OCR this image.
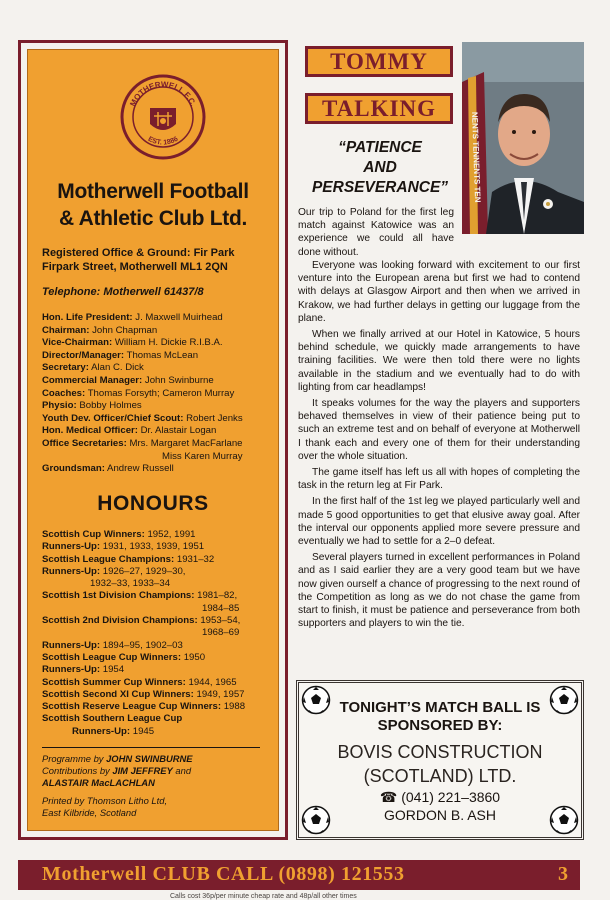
MOTHERWELL F.C.
EST. 1886
Motherwell Football
& Athletic Club Ltd.
Registered Office & Ground: Fir Park
Firpark Street, Motherwell ML1 2QN
Telephone: Motherwell 61437/8
Hon. Life President: J. Maxwell Muirhead
Chairman: John Chapman
Vice-Chairman: William H. Dickie R.I.B.A.
Director/Manager: Thomas McLean
Secretary: Alan C. Dick
Commercial Manager: John Swinburne
Coaches: Thomas Forsyth; Cameron Murray
Physio: Bobby Holmes
Youth Dev. Officer/Chief Scout: Robert Jenks
Hon. Medical Officer: Dr. Alastair Logan
Office Secretaries: Mrs. Margaret MacFarlane
Miss Karen Murray
Groundsman: Andrew Russell
HONOURS
Scottish Cup Winners: 1952, 1991
Runners-Up: 1931, 1933, 1939, 1951
Scottish League Champions: 1931–32
Runners-Up: 1926–27, 1929–30,
1932–33, 1933–34
Scottish 1st Division Champions: 1981–82,
1984–85
Scottish 2nd Division Champions: 1953–54,
1968–69
Runners-Up: 1894–95, 1902–03
Scottish League Cup Winners: 1950
Runners-Up: 1954
Scottish Summer Cup Winners: 1944, 1965
Scottish Second XI Cup Winners: 1949, 1957
Scottish Reserve League Cup Winners: 1988
Scottish Southern League Cup
Runners-Up: 1945
Programme by JOHN SWINBURNE
Contributions by JIM JEFFREY and
ALASTAIR MacLACHLAN
Printed by Thomson Litho Ltd,
East Kilbride, Scotland
TOMMY
TALKING
NENTS TENNENTS TEN
“PATIENCE
AND
PERSEVERANCE”

Our trip to Poland for the first leg match against Katowice was an experience we could all have done without.

Everyone was looking forward with excitement to our first venture into the European arena but first we had to contend with delays at Glasgow Airport and then when we arrived in Krakow, we had further delays in getting our luggage from the plane.

When we finally arrived at our Hotel in Katowice, 5 hours behind schedule, we quickly made arrangements to have training facilities. We were then told there were no lights available in the stadium and we eventually had to do with lighting from car headlamps!

It speaks volumes for the way the players and supporters behaved themselves in view of their patience being put to such an extreme test and on behalf of everyone at Motherwell I thank each and every one of them for their understanding over the whole situation.

The game itself has left us all with hopes of completing the task in the return leg at Fir Park.

In the first half of the 1st leg we played particularly well and made 5 good opportunities to get that elusive away goal. After the interval our opponents applied more severe pressure and eventually we had to settle for a 2–0 defeat.

Several players turned in excellent performances in Poland and as I said earlier they are a very good team but we have now given ourself a chance of progressing to the next round of the Competition as long as we do not chase the game from start to finish, it must be patience and perseverance from both supporters and players to win the tie.

TONIGHT’S MATCH BALL IS
SPONSORED BY:
BOVIS CONSTRUCTION
(SCOTLAND) LTD.
☎ (041) 221–3860
GORDON B. ASH
Motherwell CLUB CALL (0898) 121553	3
Calls cost 36p/per minute cheap rate and 48p/all other times
